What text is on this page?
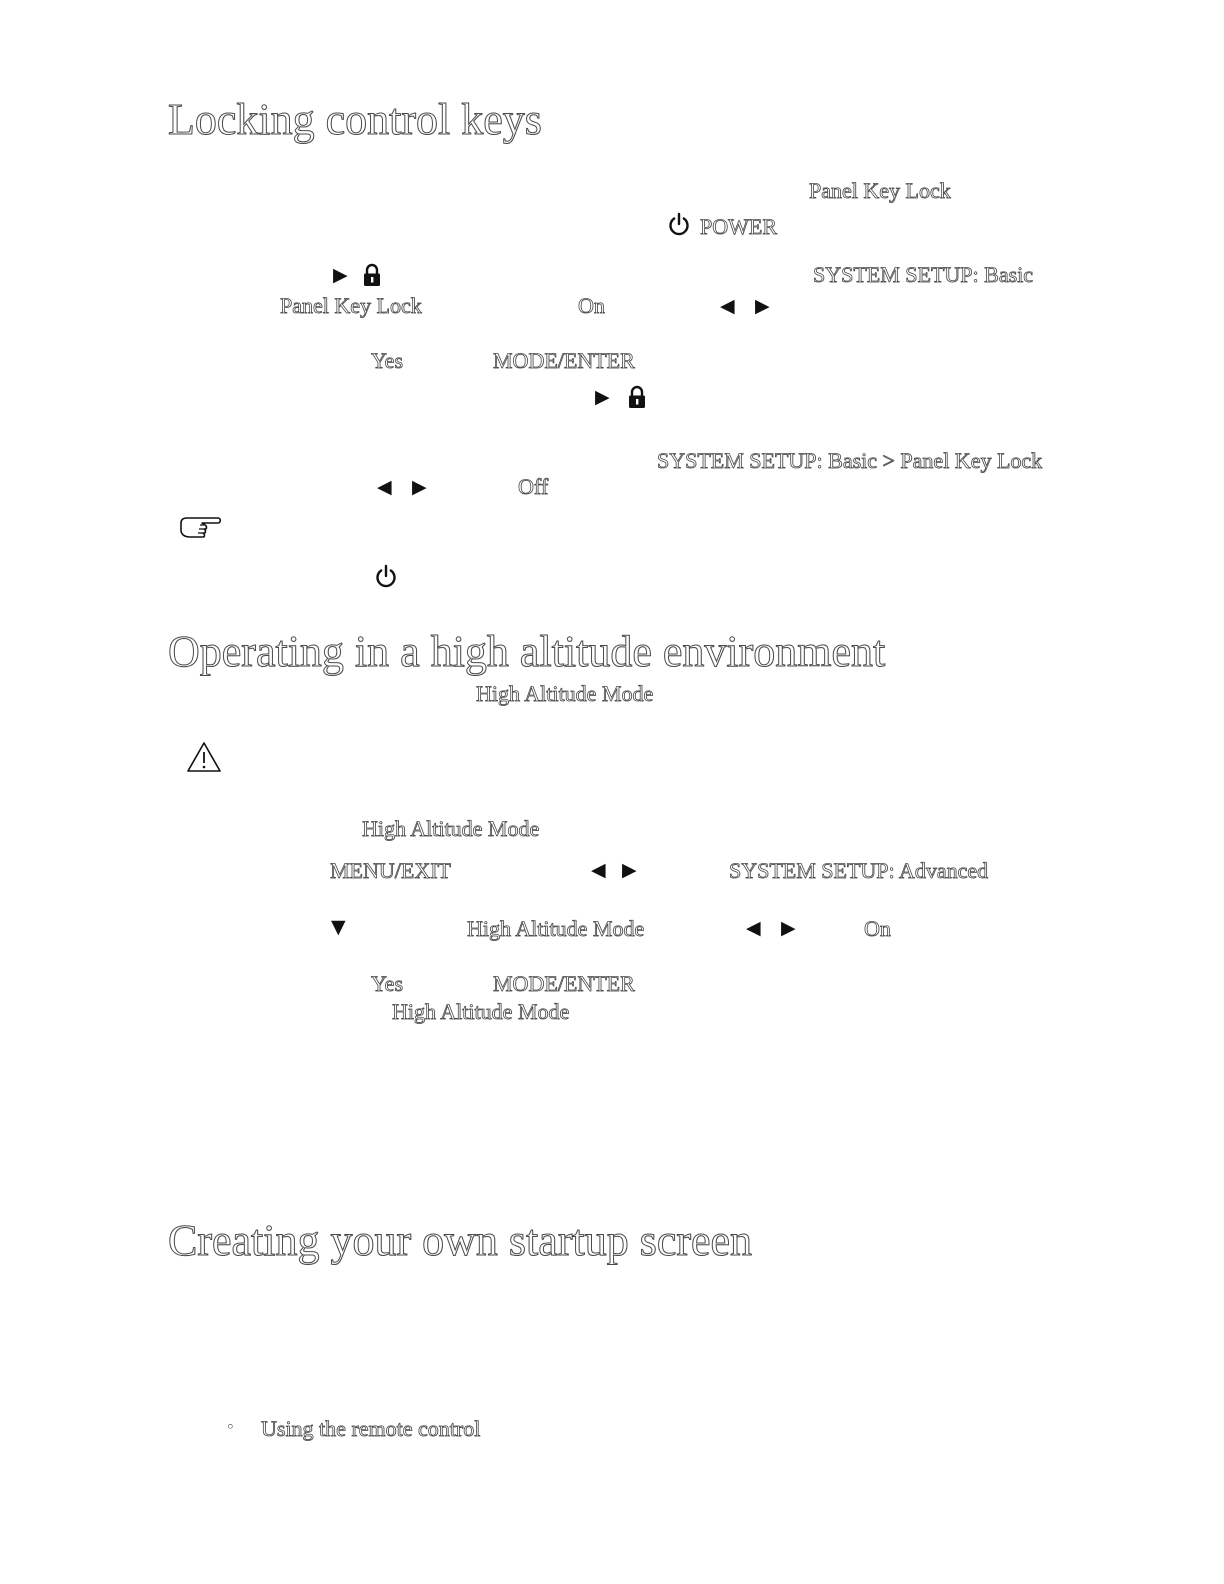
Locking control keys
Panel Key Lock
POWER
▶	SYSTEM SETUP: Basic
Panel Key Lock	On	◀ ▶
Yes	MODE/ENTER
▶
SYSTEM SETUP: Basic > Panel Key Lock
◀ ▶	Off
Operating in a high altitude environment
High Altitude Mode
High Altitude Mode
MENU/EXIT	◀ ▶	SYSTEM SETUP: Advanced
▼	High Altitude Mode	◀ ▶	On
Yes	MODE/ENTER
High Altitude Mode
Creating your own startup screen
◦ Using the remote control
